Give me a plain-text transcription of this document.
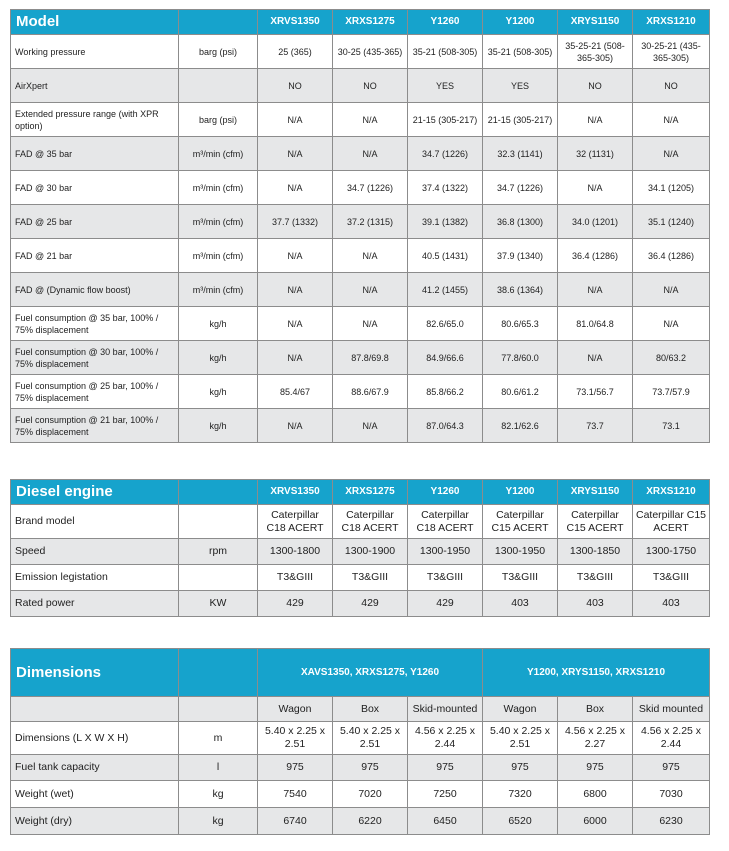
Model		XRVS1350	XRXS1275	Y1260	Y1200	XRYS1150	XRXS1210
Working pressure	barg (psi)	25 (365)	30-25 (435-365)	35-21 (508-305)	35-21 (508-305)	35-25-21 (508-365-305)	30-25-21 (435-365-305)
AirXpert		NO	NO	YES	YES	NO	NO
Extended pressure range (with XPR option)	barg (psi)	N/A	N/A	21-15 (305-217)	21-15 (305-217)	N/A	N/A
FAD @ 35 bar	m³/min (cfm)	N/A	N/A	34.7 (1226)	32.3 (1141)	32 (1131)	N/A
FAD @ 30 bar	m³/min (cfm)	N/A	34.7 (1226)	37.4 (1322)	34.7 (1226)	N/A	34.1 (1205)
FAD @ 25 bar	m³/min (cfm)	37.7 (1332)	37.2 (1315)	39.1 (1382)	36.8 (1300)	34.0 (1201)	35.1 (1240)
FAD @ 21 bar	m³/min (cfm)	N/A	N/A	40.5 (1431)	37.9 (1340)	36.4 (1286)	36.4 (1286)
FAD @ (Dynamic flow boost)	m³/min (cfm)	N/A	N/A	41.2 (1455)	38.6 (1364)	N/A	N/A
Fuel consumption @ 35 bar, 100% / 75% displacement	kg/h	N/A	N/A	82.6/65.0	80.6/65.3	81.0/64.8	N/A
Fuel consumption @ 30 bar, 100% / 75% displacement	kg/h	N/A	87.8/69.8	84.9/66.6	77.8/60.0	N/A	80/63.2
Fuel consumption @ 25 bar, 100% / 75% displacement	kg/h	85.4/67	88.6/67.9	85.8/66.2	80.6/61.2	73.1/56.7	73.7/57.9
Fuel consumption @ 21 bar, 100% / 75% displacement	kg/h	N/A	N/A	87.0/64.3	82.1/62.6	73.7	73.1
Diesel engine		XRVS1350	XRXS1275	Y1260	Y1200	XRYS1150	XRXS1210
Brand model		Caterpillar C18 ACERT	Caterpillar C18 ACERT	Caterpillar C18 ACERT	Caterpillar C15 ACERT	Caterpillar C15 ACERT	Caterpillar C15 ACERT
Speed	rpm	1300-1800	1300-1900	1300-1950	1300-1950	1300-1850	1300-1750
Emission legistation		T3&GIII	T3&GIII	T3&GIII	T3&GIII	T3&GIII	T3&GIII
Rated power	KW	429	429	429	403	403	403
Dimensions		XAVS1350, XRXS1275, Y1260			Y1200, XRYS1150, XRXS1210		
		Wagon	Box	Skid-mounted	Wagon	Box	Skid mounted
Dimensions (L X W X H)	m	5.40 x 2.25 x 2.51	5.40 x 2.25 x 2.51	4.56 x 2.25 x 2.44	5.40 x 2.25 x 2.51	4.56 x 2.25 x 2.27	4.56 x 2.25 x 2.44
Fuel tank capacity	l	975	975	975	975	975	975
Weight (wet)	kg	7540	7020	7250	7320	6800	7030
Weight (dry)	kg	6740	6220	6450	6520	6000	6230
